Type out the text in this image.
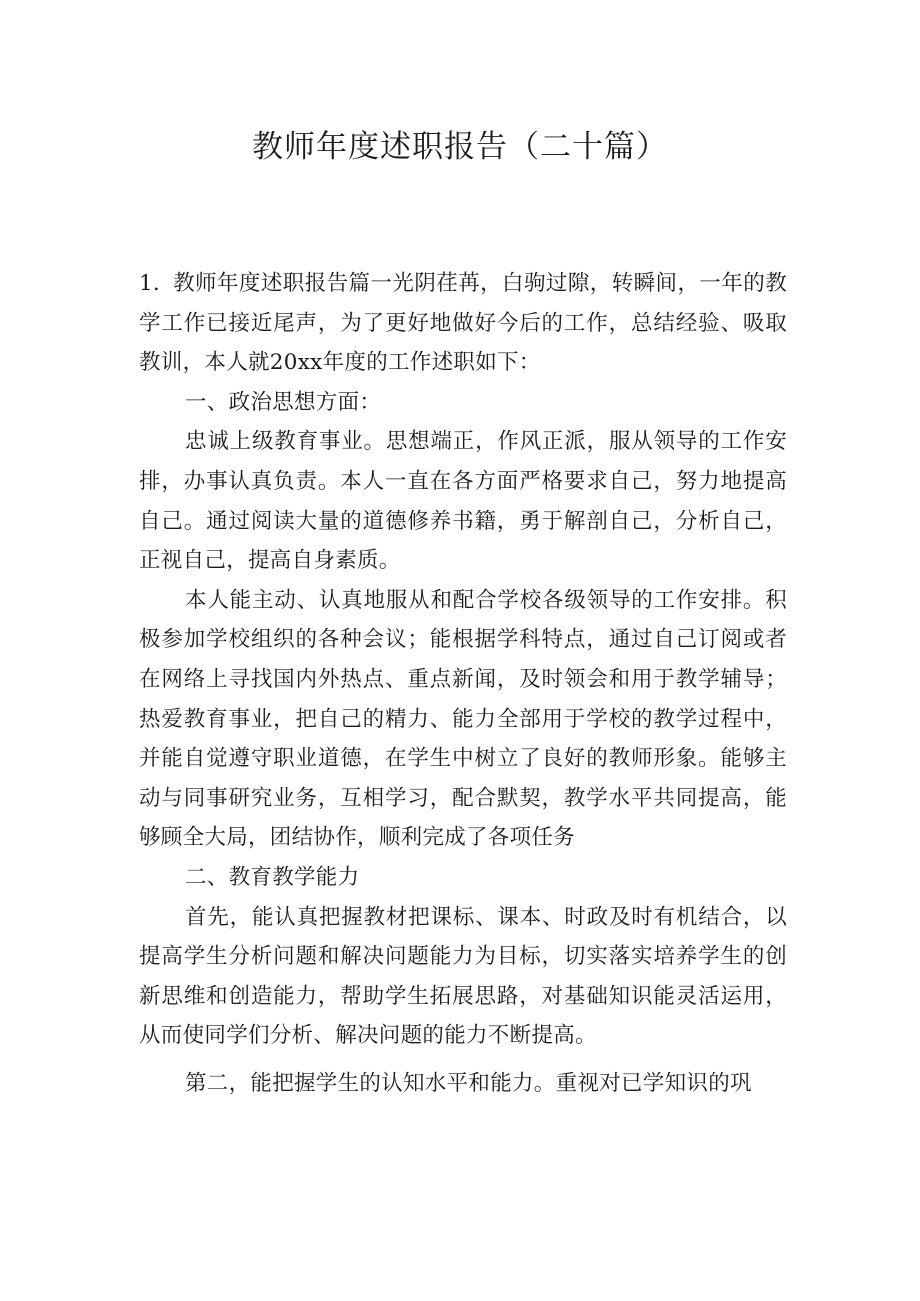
教师年度述职报告（二十篇）

1．教师年度述职报告篇一光阴荏苒，白驹过隙，转瞬间，一年的教学工作已接近尾声，为了更好地做好今后的工作，总结经验、吸取教训，本人就20xx年度的工作述职如下：

一、政治思想方面：

忠诚上级教育事业。思想端正，作风正派，服从领导的工作安排，办事认真负责。本人一直在各方面严格要求自己，努力地提高自己。通过阅读大量的道德修养书籍，勇于解剖自己，分析自己，正视自己，提高自身素质。

本人能主动、认真地服从和配合学校各级领导的工作安排。积极参加学校组织的各种会议；能根据学科特点，通过自己订阅或者在网络上寻找国内外热点、重点新闻，及时领会和用于教学辅导；热爱教育事业，把自己的精力、能力全部用于学校的教学过程中，并能自觉遵守职业道德，在学生中树立了良好的教师形象。能够主动与同事研究业务，互相学习，配合默契，教学水平共同提高，能够顾全大局，团结协作，顺利完成了各项任务

二、教育教学能力

首先，能认真把握教材把课标、课本、时政及时有机结合，以提高学生分析问题和解决问题能力为目标，切实落实培养学生的创新思维和创造能力，帮助学生拓展思路，对基础知识能灵活运用，从而使同学们分析、解决问题的能力不断提高。

第二，能把握学生的认知水平和能力。重视对已学知识的巩
